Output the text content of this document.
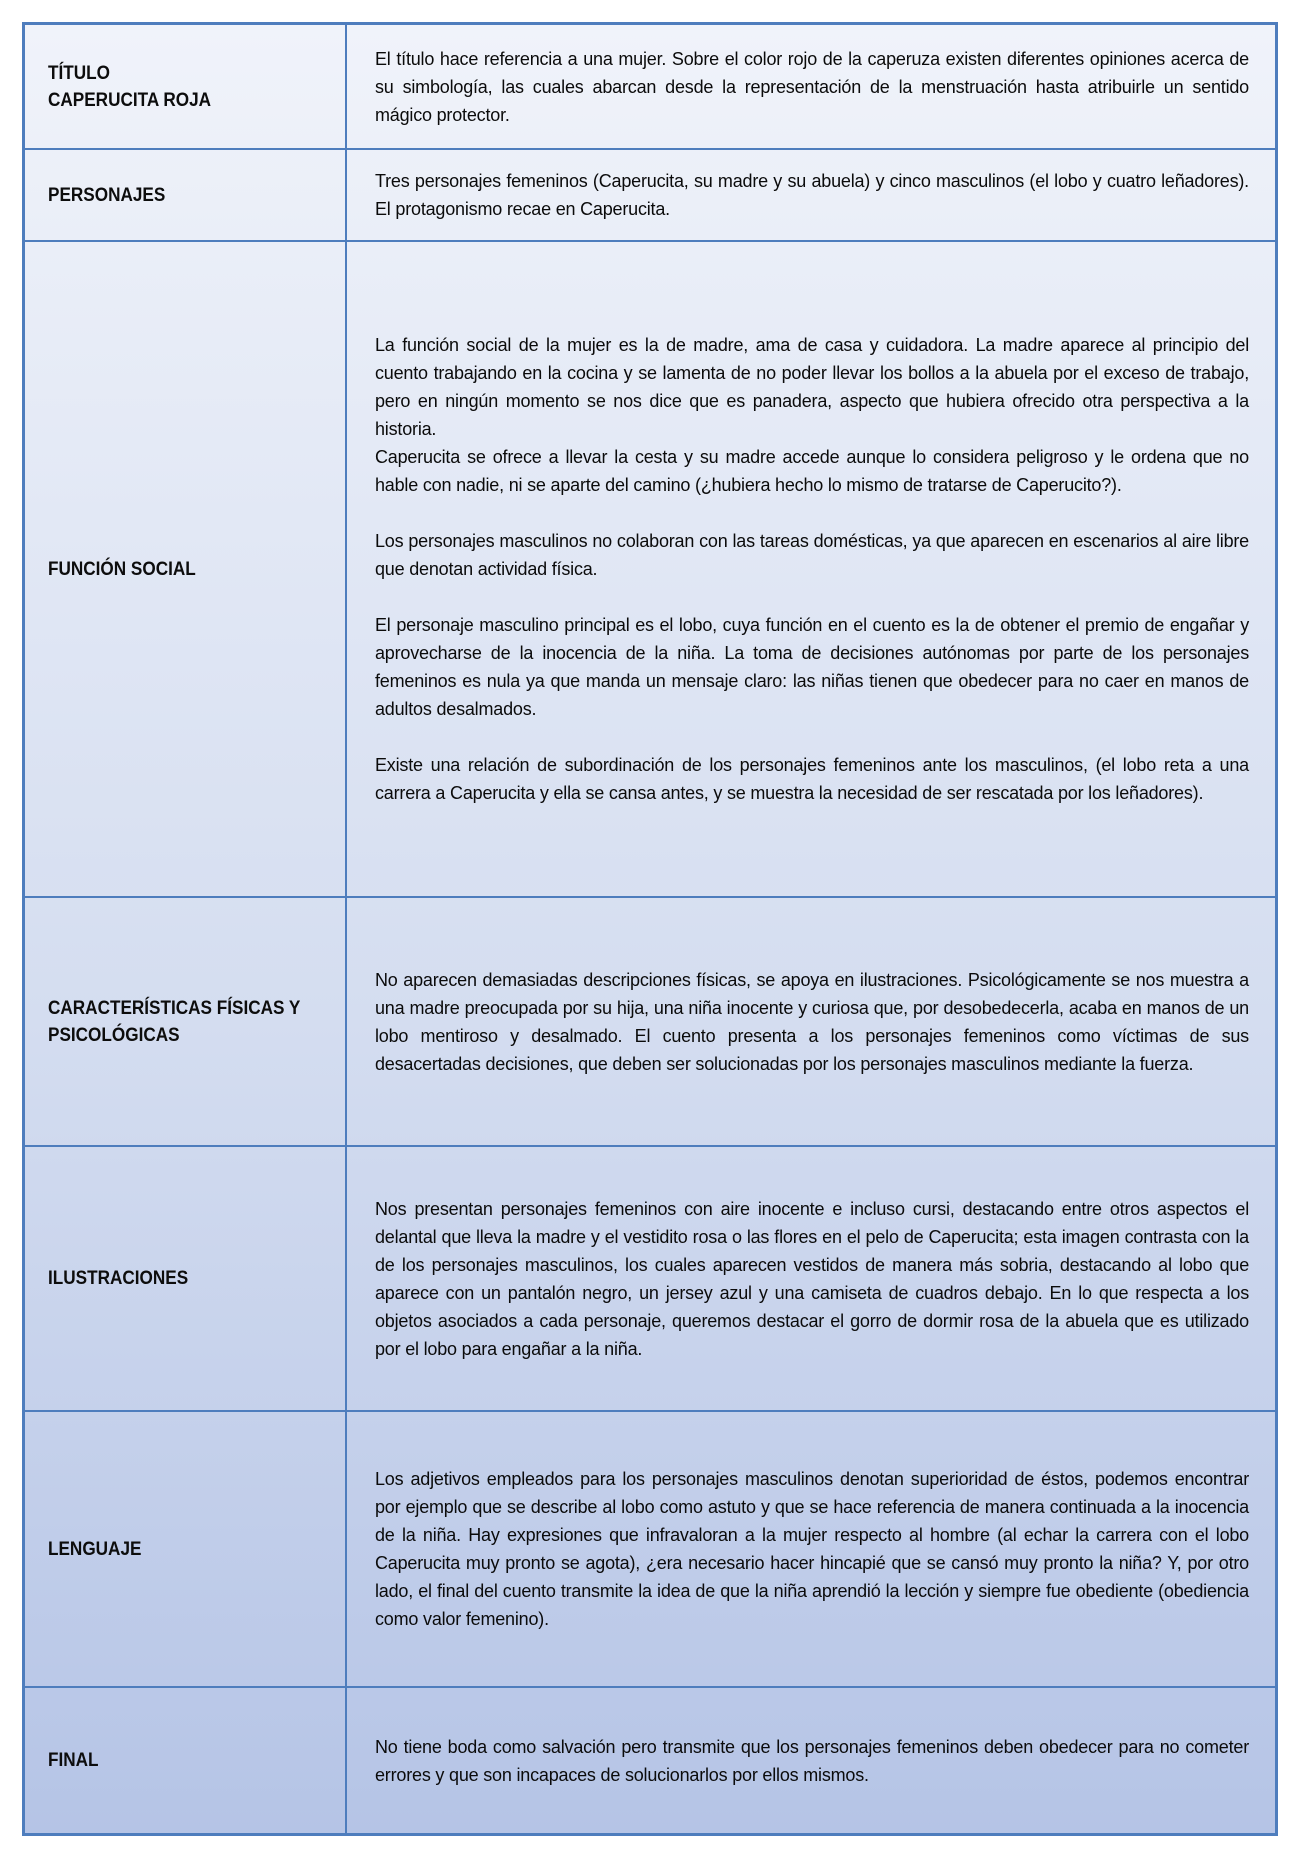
TÍTULO
CAPERUCITA ROJA

El título hace referencia a una mujer. Sobre el color rojo de la caperuza existen diferentes opiniones acerca de su simbología, las cuales abarcan desde la representación de la menstruación hasta atribuirle un sentido mágico protector.

PERSONAJES

Tres personajes femeninos (Caperucita, su madre y su abuela) y cinco masculinos (el lobo y cuatro leñadores). El protagonismo recae en Caperucita.

FUNCIÓN SOCIAL

La función social de la mujer es la de madre, ama de casa y cuidadora. La madre aparece al principio del cuento trabajando en la cocina y se lamenta de no poder llevar los bollos a la abuela por el exceso de trabajo, pero en ningún momento se nos dice que es panadera, aspecto que hubiera ofrecido otra perspectiva a la historia.

Caperucita se ofrece a llevar la cesta y su madre accede aunque lo considera peligroso y le ordena que no hable con nadie, ni se aparte del camino (¿hubiera hecho lo mismo de tratarse de Caperucito?).

Los personajes masculinos no colaboran con las tareas domésticas, ya que aparecen en escenarios al aire libre que denotan actividad física.

El personaje masculino principal es el lobo, cuya función en el cuento es la de obtener el premio de engañar y aprovecharse de la inocencia de la niña. La toma de decisiones autónomas por parte de los personajes femeninos es nula ya que manda un mensaje claro: las niñas tienen que obedecer para no caer en manos de adultos desalmados.

Existe una relación de subordinación de los personajes femeninos ante los masculinos, (el lobo reta a una carrera a Caperucita y ella se cansa antes, y se muestra la necesidad de ser rescatada por los leñadores).

CARACTERÍSTICAS FÍSICAS Y
PSICOLÓGICAS

No aparecen demasiadas descripciones físicas, se apoya en ilustraciones. Psicológicamente se nos muestra a una madre preocupada por su hija, una niña inocente y curiosa que, por desobedecerla, acaba en manos de un lobo mentiroso y desalmado. El cuento presenta a los personajes femeninos como víctimas de sus desacertadas decisiones, que deben ser solucionadas por los personajes masculinos mediante la fuerza.

ILUSTRACIONES

Nos presentan personajes femeninos con aire inocente e incluso cursi, destacando entre otros aspectos el delantal que lleva la madre y el vestidito rosa o las flores en el pelo de Caperucita; esta imagen contrasta con la de los personajes masculinos, los cuales aparecen vestidos de manera más sobria, destacando al lobo que aparece con un pantalón negro, un jersey azul y una camiseta de cuadros debajo. En lo que respecta a los objetos asociados a cada personaje, queremos destacar el gorro de dormir rosa de la abuela que es utilizado por el lobo para engañar a la niña.

LENGUAJE

Los adjetivos empleados para los personajes masculinos denotan superioridad de éstos, podemos encontrar por ejemplo que se describe al lobo como astuto y que se hace referencia de manera continuada a la inocencia de la niña. Hay expresiones que infravaloran a la mujer respecto al hombre (al echar la carrera con el lobo Caperucita muy pronto se agota), ¿era necesario hacer hincapié que se cansó muy pronto la niña? Y, por otro lado, el final del cuento transmite la idea de que la niña aprendió la lección y siempre fue obediente (obediencia como valor femenino).

FINAL

No tiene boda como salvación pero transmite que los personajes femeninos deben obedecer para no cometer errores y que son incapaces de solucionarlos por ellos mismos.
